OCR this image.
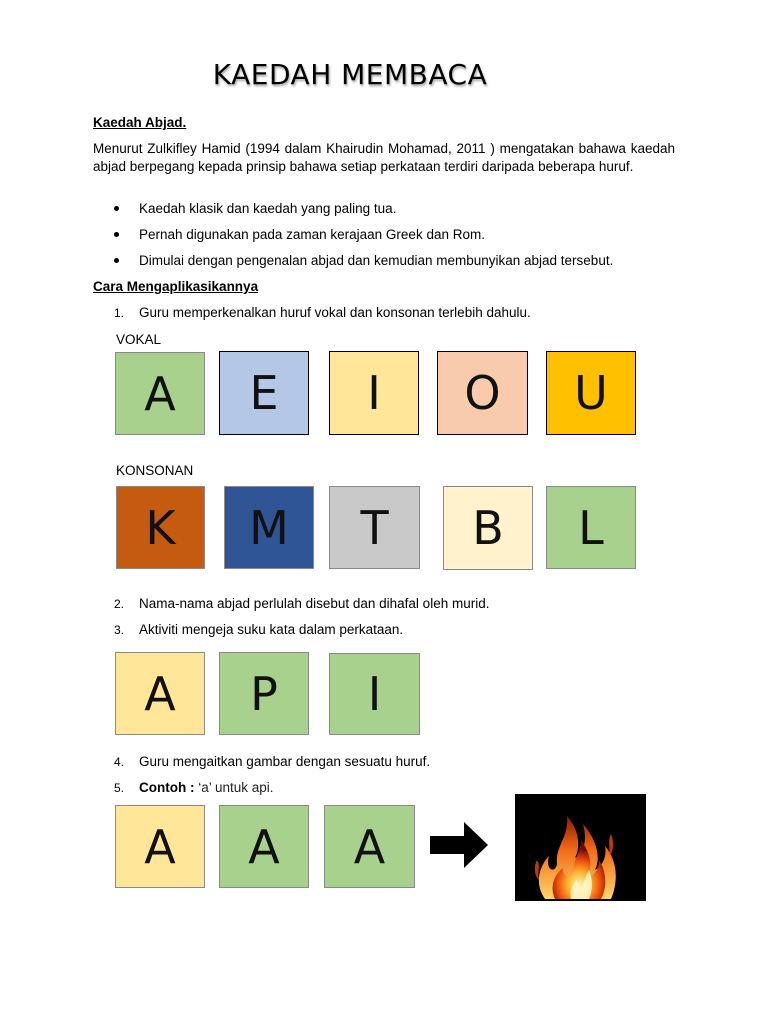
KAEDAH MEMBACA
Kaedah Abjad.
Menurut Zulkifley Hamid (1994 dalam Khairudin Mohamad, 2011 ) mengatakan bahawa kaedah abjad berpegang kepada prinsip bahawa setiap perkataan terdiri daripada beberapa huruf.
Kaedah klasik dan kaedah yang paling tua.
Pernah digunakan pada zaman kerajaan Greek dan Rom.
Dimulai dengan pengenalan abjad dan kemudian membunyikan abjad tersebut.
Cara Mengaplikasikannya
1.	Guru memperkenalkan huruf vokal dan konsonan terlebih dahulu.
VOKAL
A	E	I	O	U
KONSONAN
K	M	T	B	L
2.	Nama-nama abjad perlulah disebut dan dihafal oleh murid.
3.	Aktiviti mengeja suku kata dalam perkataan.
A	P	I
4.	Guru mengaitkan gambar dengan sesuatu huruf.
5.	Contoh : ‘a’ untuk api.
A	A	A
